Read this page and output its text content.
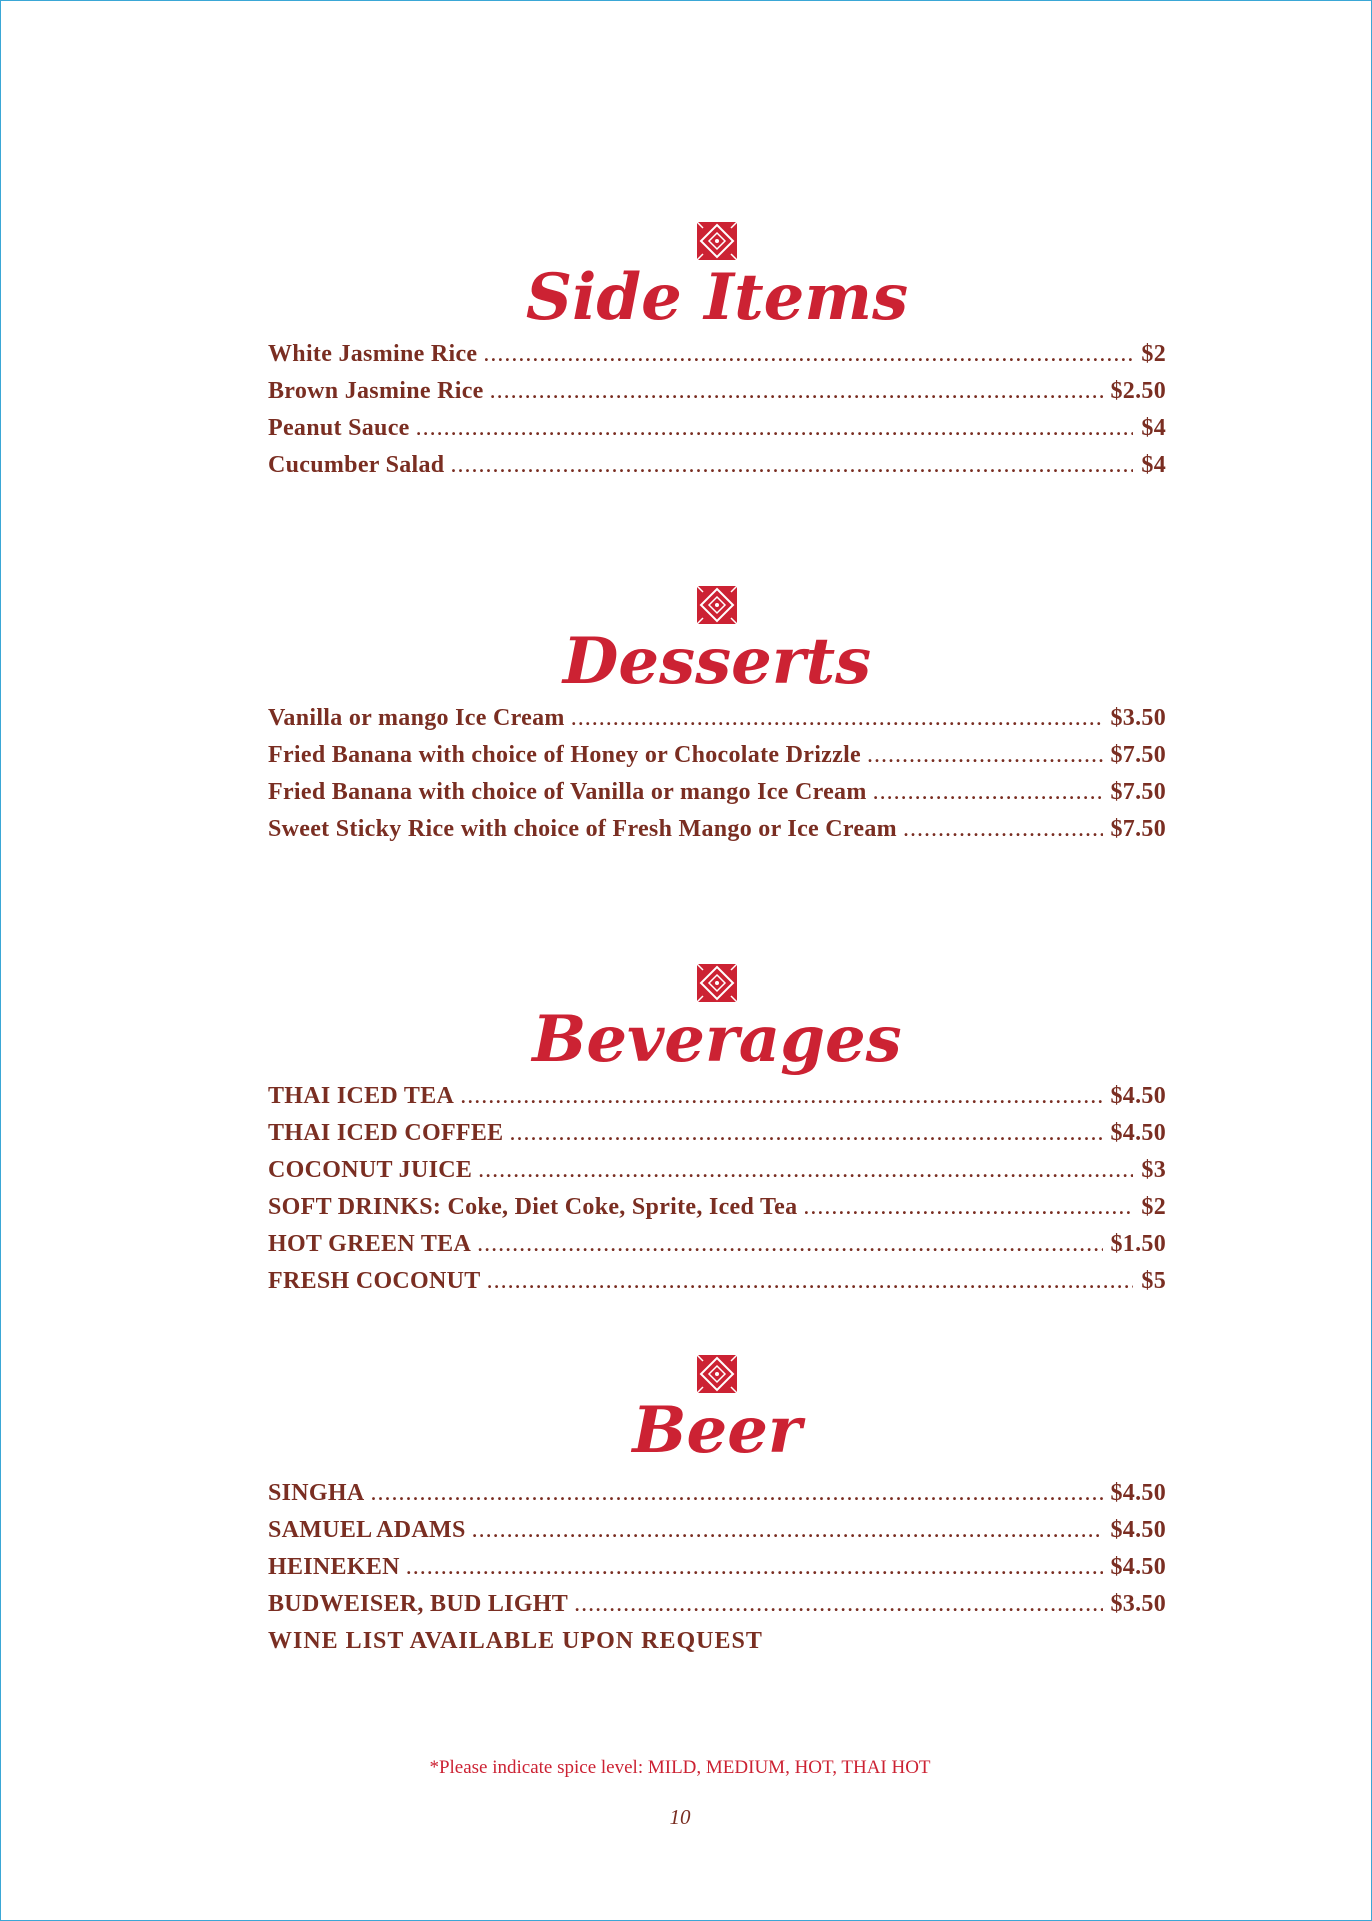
Side Items
White Jasmine Rice .....	$2
Brown Jasmine Rice .....	$2.50
Peanut Sauce .....	$4
Cucumber Salad .....	$4
Desserts
Vanilla or mango Ice Cream .....	$3.50
Fried Banana with choice of Honey or Chocolate Drizzle .....	$7.50
Fried Banana with choice of Vanilla or mango Ice Cream .....	$7.50
Sweet Sticky Rice with choice of Fresh Mango or Ice Cream .....	$7.50
Beverages
THAI ICED TEA .....	$4.50
THAI ICED COFFEE .....	$4.50
COCONUT JUICE .....	$3
SOFT DRINKS: Coke, Diet Coke, Sprite, Iced Tea .....	$2
HOT GREEN TEA .....	$1.50
FRESH COCONUT .....	$5
Beer
SINGHA .....	$4.50
SAMUEL ADAMS .....	$4.50
HEINEKEN .....	$4.50
BUDWEISER, BUD LIGHT .....	$3.50
WINE LIST AVAILABLE UPON REQUEST
*Please indicate spice level: MILD, MEDIUM, HOT, THAI HOT
10
